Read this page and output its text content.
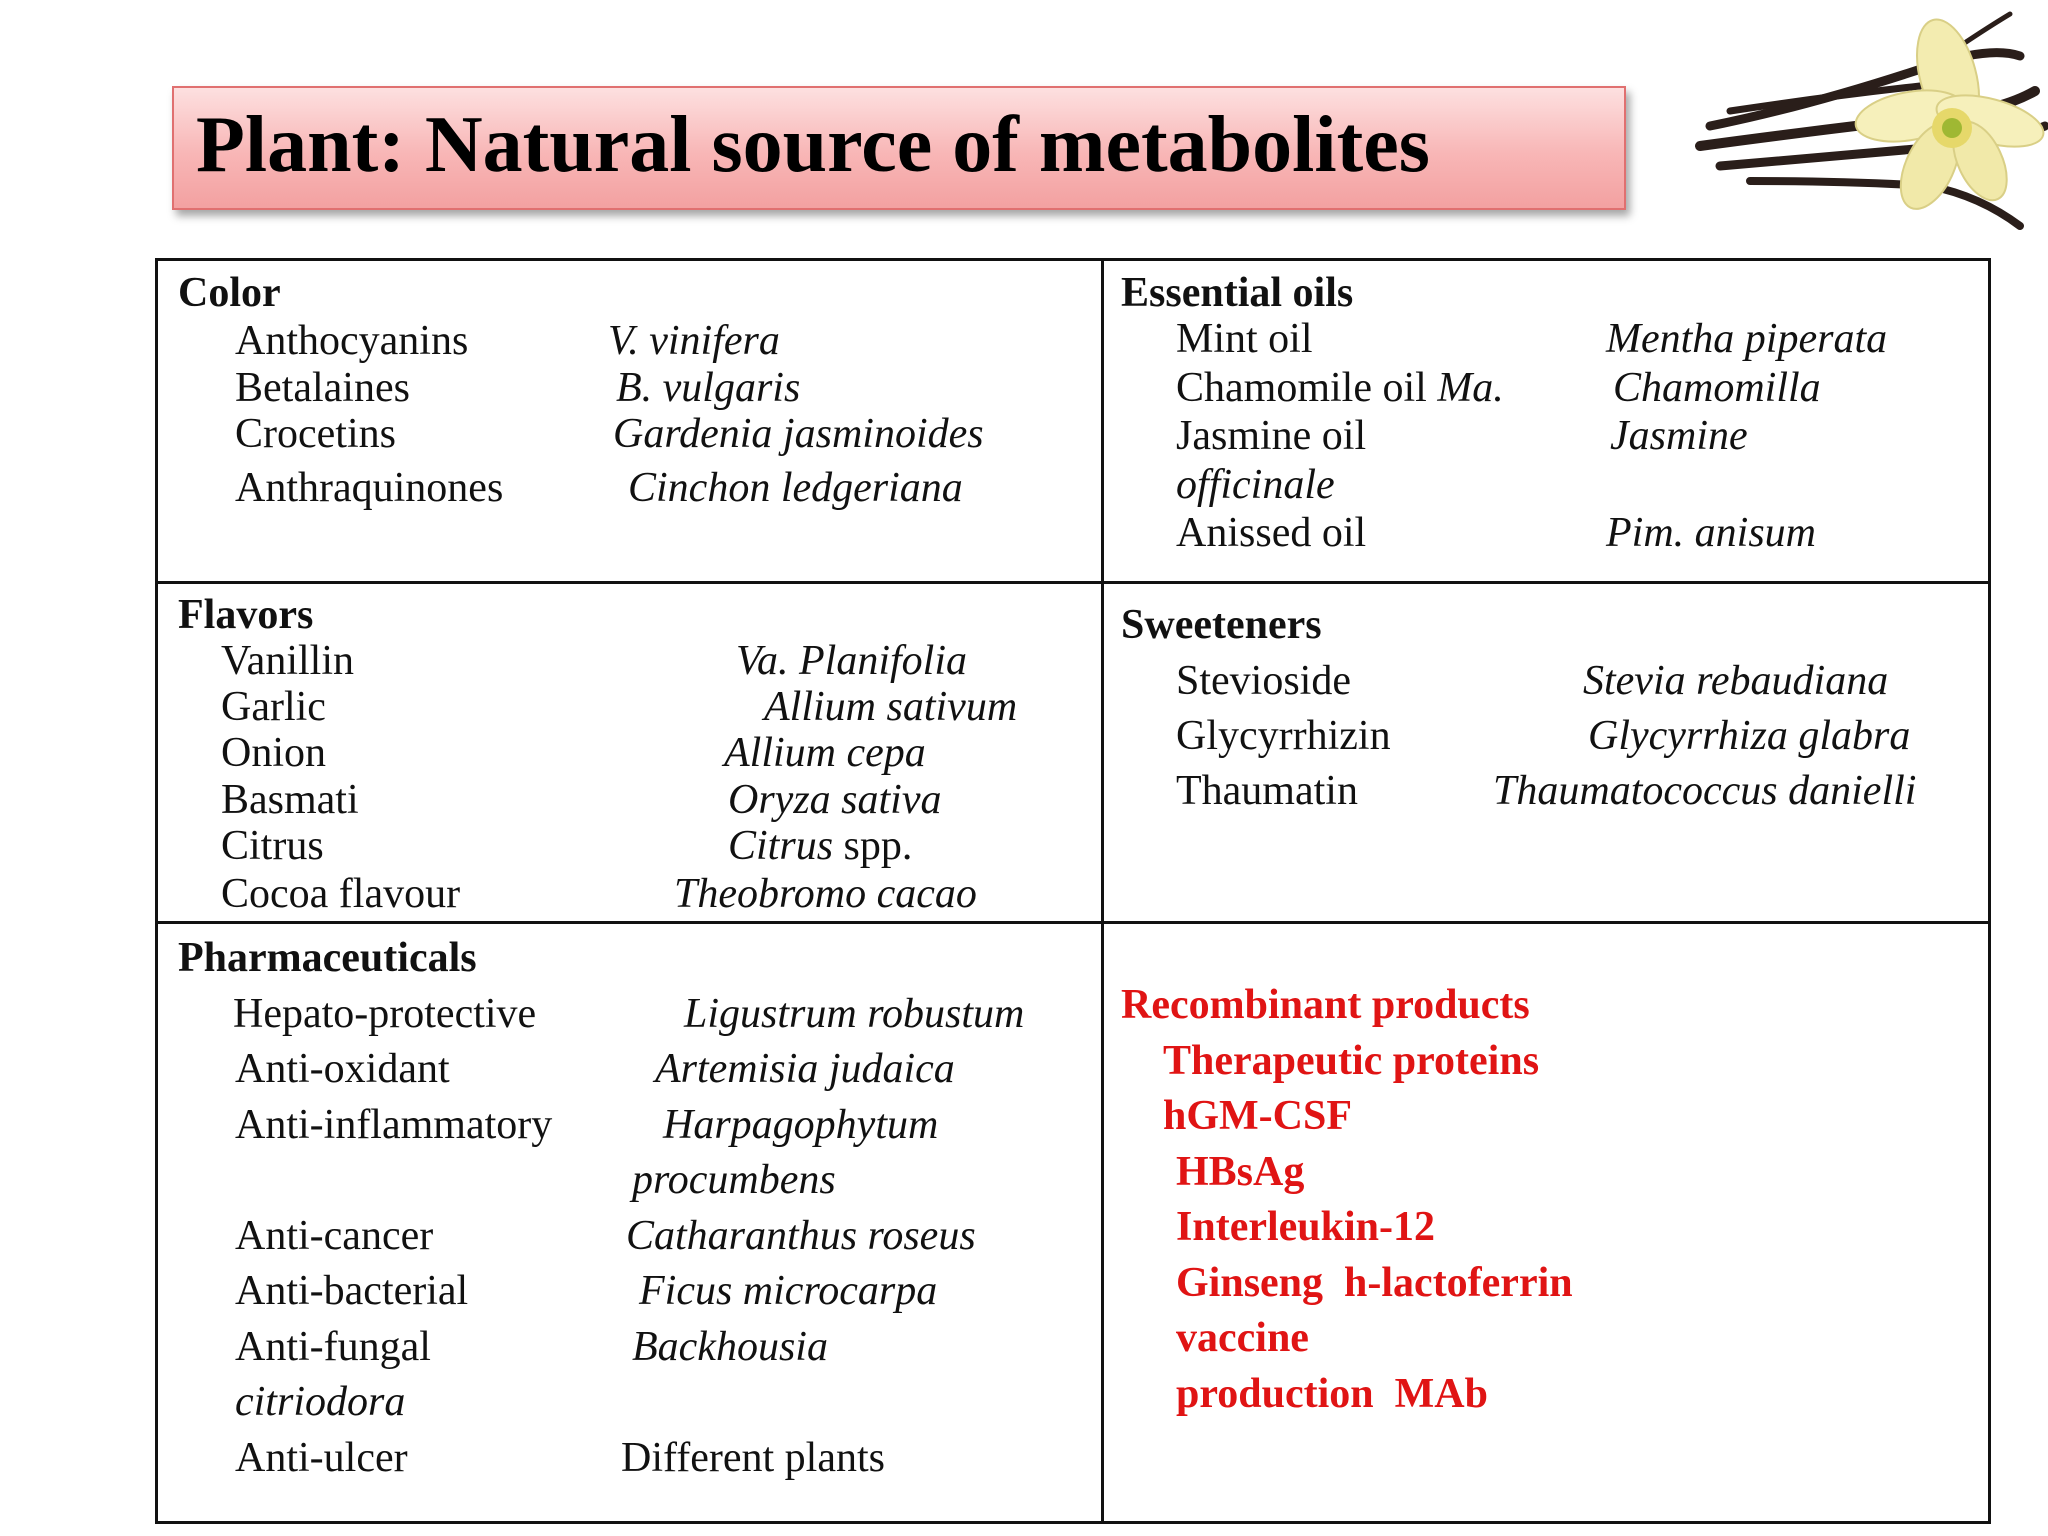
Plant: Natural source of metabolites
Color
Anthocyanins	V. vinifera
Betalaines	B. vulgaris
Crocetins	Gardenia jasminoides
Anthraquinones	Cinchon ledgeriana
Essential oils
Mint oil	Mentha piperata
Chamomile oil Ma.	Chamomilla
Jasmine oil	Jasmine
officinale
Anissed oil	Pim. anisum
Flavors
Vanillin	Va. Planifolia
Garlic	Allium sativum
Onion	Allium cepa
Basmati	Oryza sativa
Citrus	Citrus spp.
Cocoa flavour	Theobromo cacao
Sweeteners
Stevioside	Stevia rebaudiana
Glycyrrhizin	Glycyrrhiza glabra
Thaumatin	Thaumatococcus danielli
Pharmaceuticals
Hepato-protective	Ligustrum robustum
Anti-oxidant	Artemisia judaica
Anti-inflammatory	Harpagophytum
procumbens
Anti-cancer	Catharanthus roseus
Anti-bacterial	Ficus microcarpa
Anti-fungal	Backhousia
citriodora
Anti-ulcer	Different plants
Recombinant products
Therapeutic proteins
hGM-CSF
HBsAg
Interleukin-12
Ginseng  h-lactoferrin
vaccine
production  MAb
